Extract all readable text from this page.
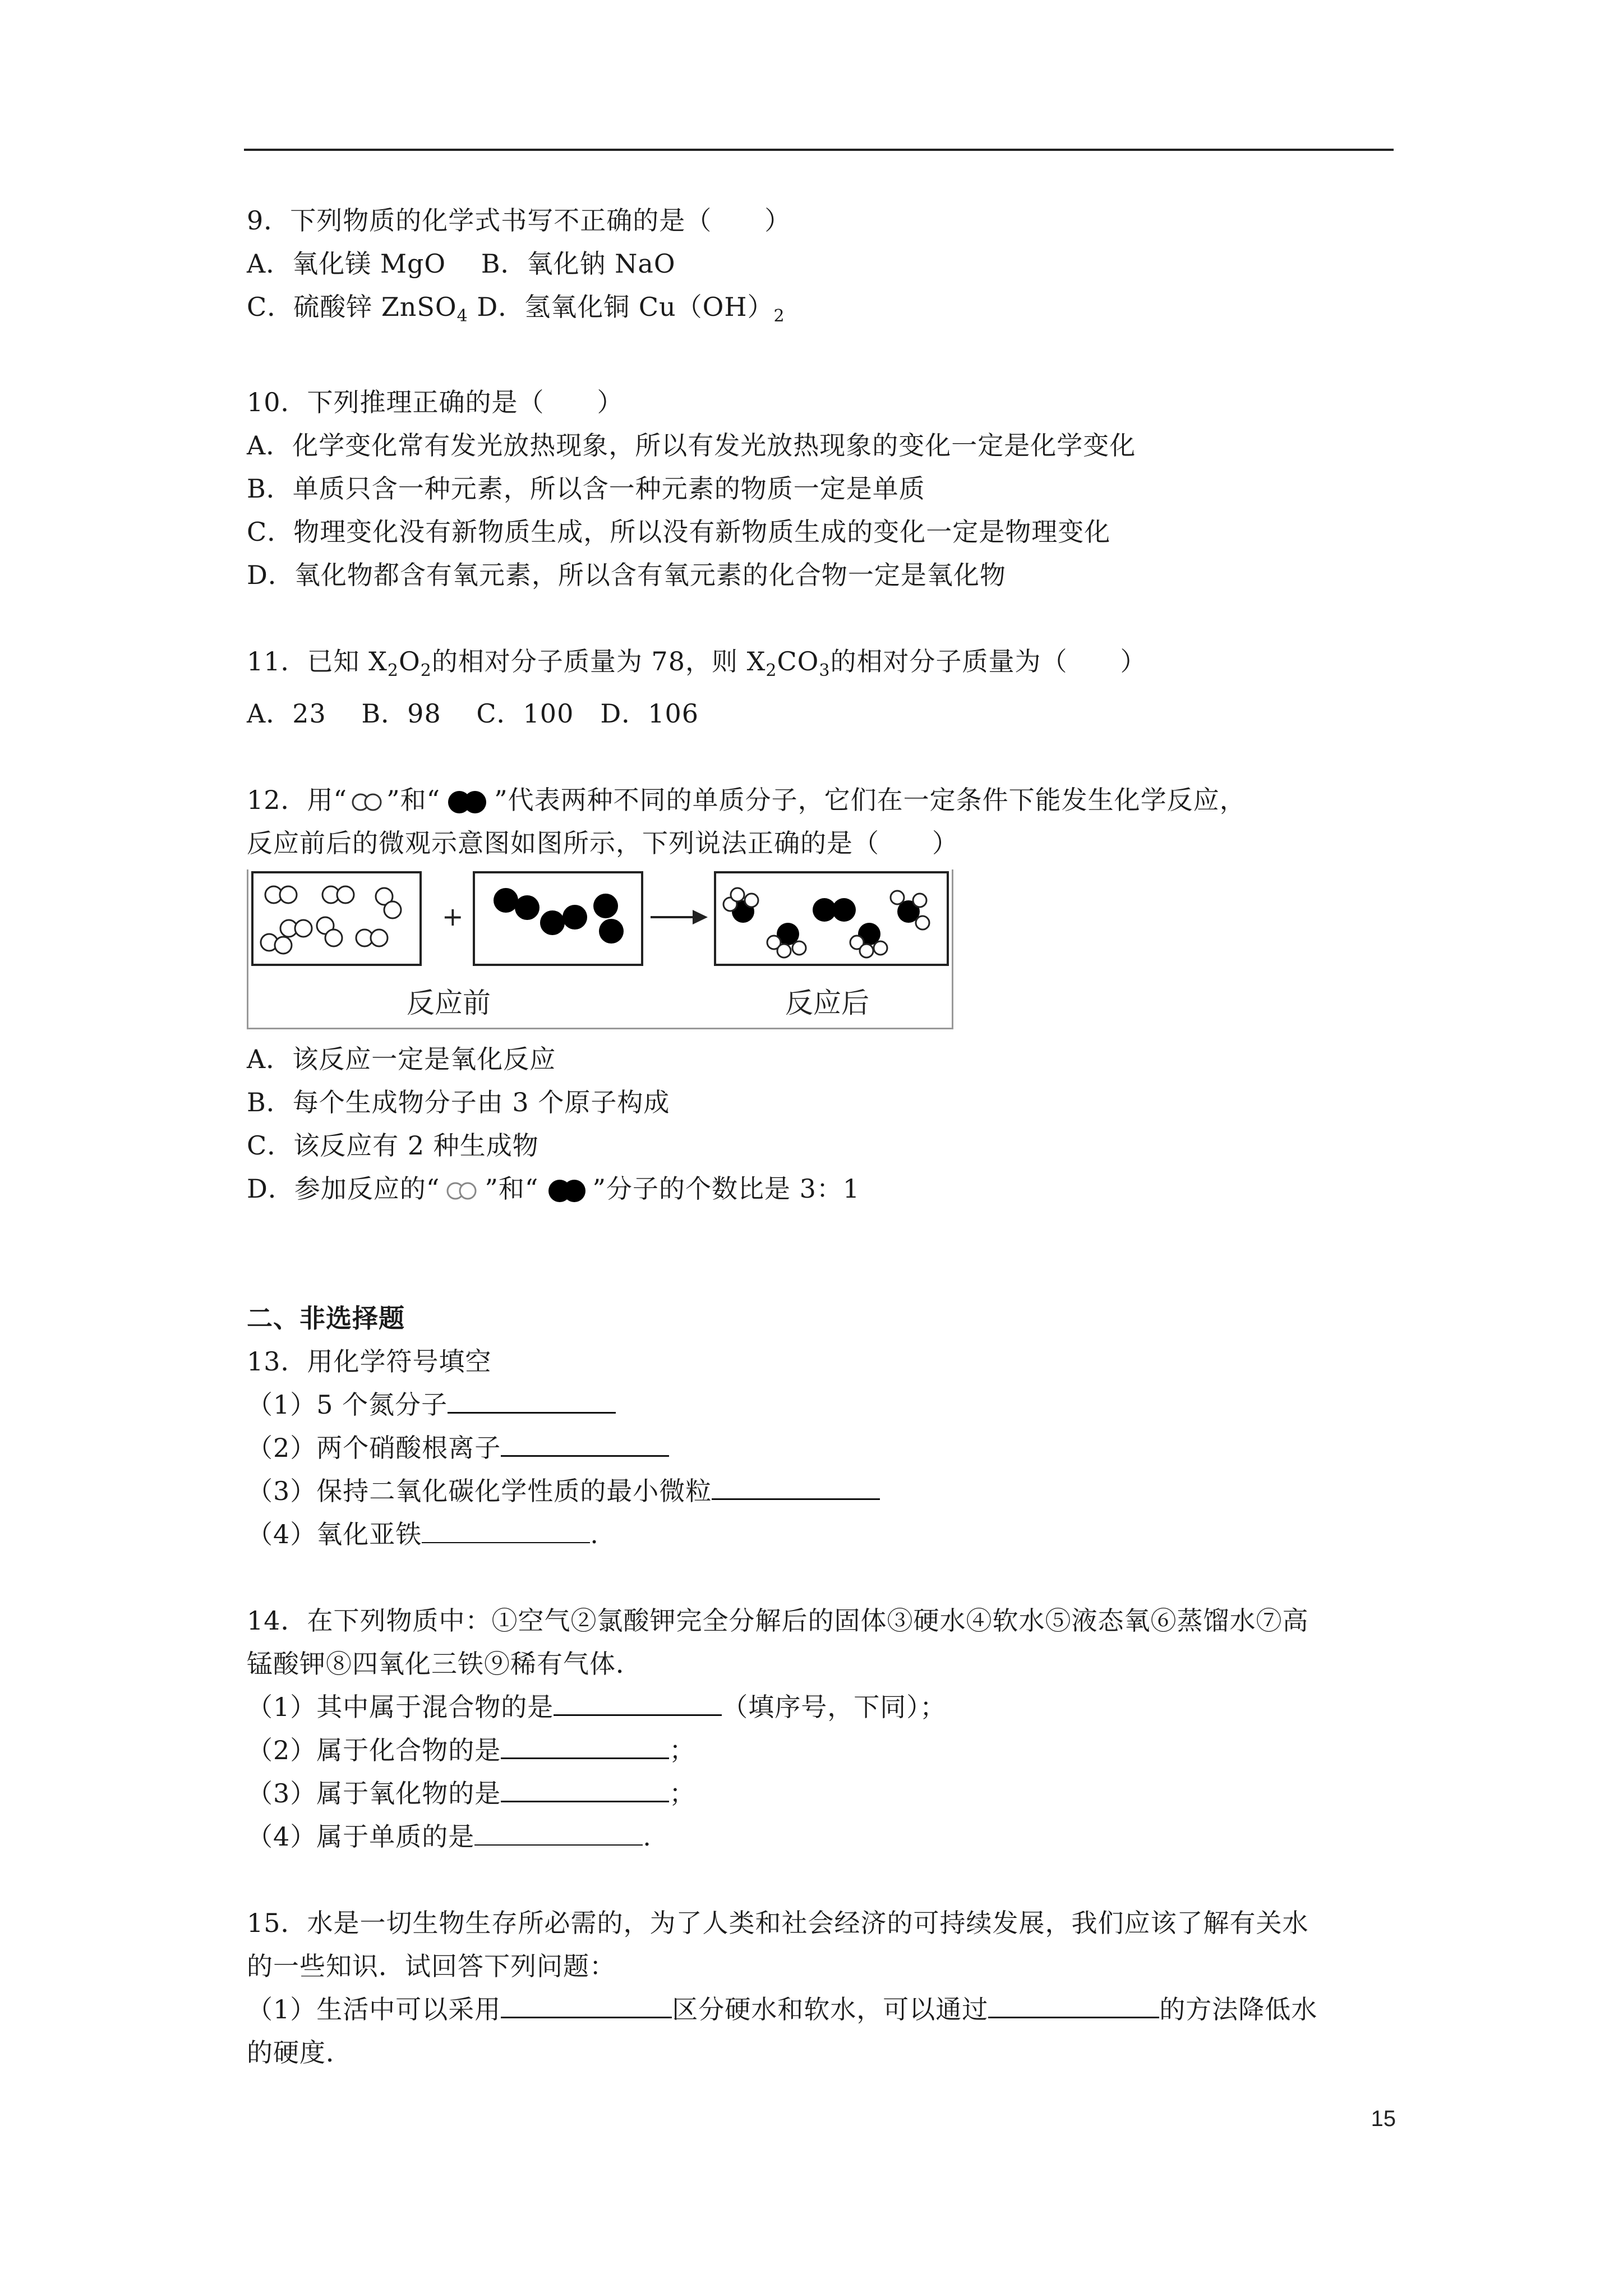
9．下列物质的化学式书写不正确的是（　　）
A．氧化镁 MgO　 B．氧化钠 NaO
C．硫酸锌 ZnSO$_4$ D．氢氧化铜 $Cu(OH)_2$
10．下列推理正确的是（　　）
A．化学变化常有发光放热现象，所以有发光放热现象的变化一定是化学变化
B．单质只含一种元素，所以含一种元素的物质一定是单质
C．物理变化没有新物质生成，所以没有新物质生成的变化一定是物理变化
D．氧化物都含有氧元素，所以含有氧元素的化合物一定是氧化物
11．已知 $X_2O_2$的相对分子质量为 78，则 $X_2CO_3$的相对分子质量为（　　）
A．23　 B．98　 C．100　D．106
12．用“ ”和“ ”代表两种不同的单质分子，它们在一定条件下能发生化学反应，
反应前后的微观示意图如图所示，下列说法正确的是（　　）
+
反应前	反应后
A．该反应一定是氧化反应
B．每个生成物分子由 3 个原子构成
C．该反应有 2 种生成物
D．参加反应的“ ”和“ ”分子的个数比是 3：1
二、非选择题
13．用化学符号填空
（1）5 个氮分子
（2）两个硝酸根离子
（3）保持二氧化碳化学性质的最小微粒
（4）氧化亚铁	.
14．在下列物质中：①空气②氯酸钾完全分解后的固体③硬水④软水⑤液态氧⑥蒸馏水⑦高
锰酸钾⑧四氧化三铁⑨稀有气体．
（1）其中属于混合物的是	（填序号，下同）；
（2）属于化合物的是	；
（3）属于氧化物的是	；
（4）属于单质的是	.
15．水是一切生物生存所必需的，为了人类和社会经济的可持续发展，我们应该了解有关水
的一些知识．试回答下列问题：
（1）生活中可以采用	区分硬水和软水，可以通过	的方法降低水
的硬度．
15
